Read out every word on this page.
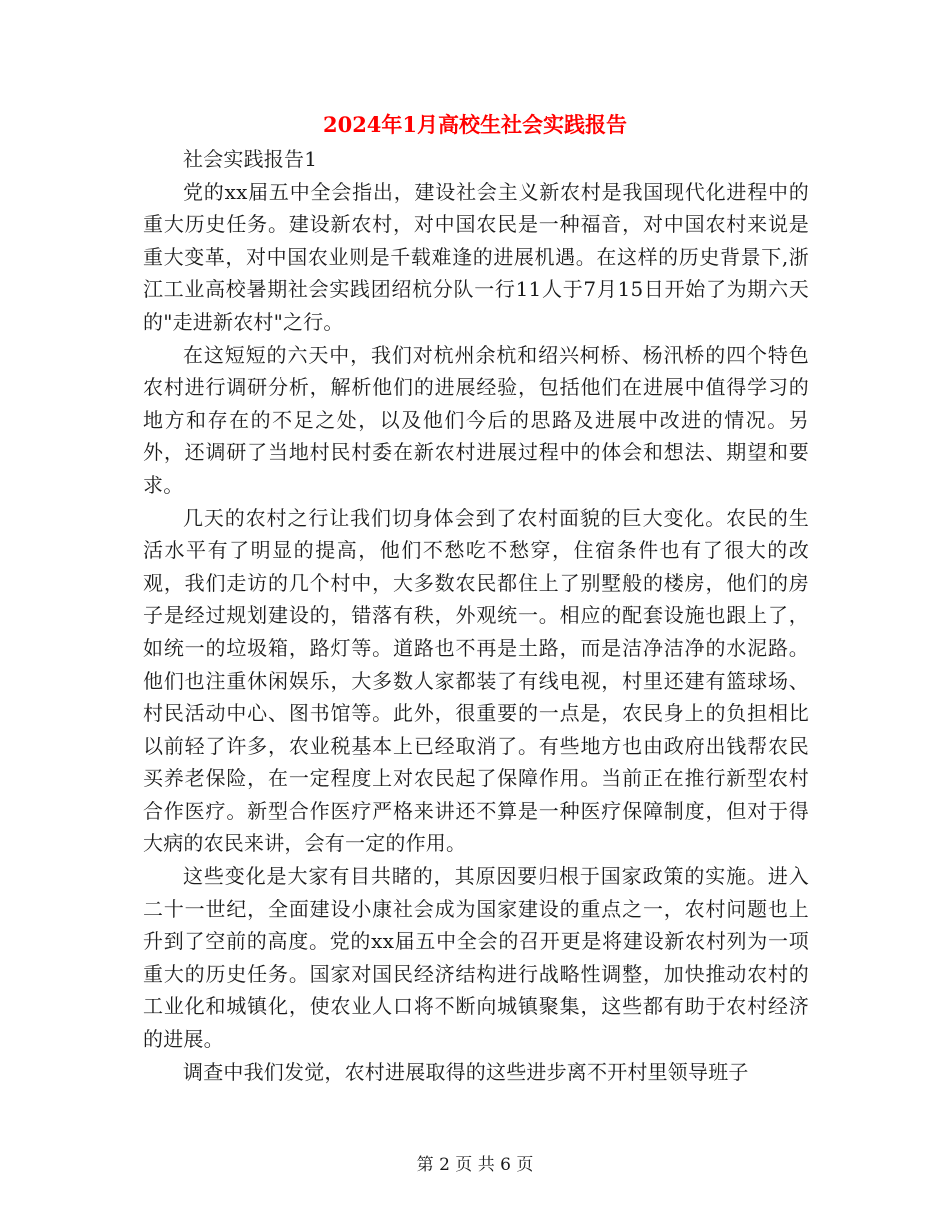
2024年1月高校生社会实践报告

社会实践报告1

党的xx届五中全会指出，建设社会主义新农村是我国现代化进程中的重大历史任务。建设新农村，对中国农民是一种福音，对中国农村来说是重大变革，对中国农业则是千载难逢的进展机遇。在这样的历史背景下,浙江工业高校暑期社会实践团绍杭分队一行11人于7月15日开始了为期六天的"走进新农村"之行。

在这短短的六天中，我们对杭州余杭和绍兴柯桥、杨汛桥的四个特色农村进行调研分析，解析他们的进展经验，包括他们在进展中值得学习的地方和存在的不足之处，以及他们今后的思路及进展中改进的情况。另外，还调研了当地村民村委在新农村进展过程中的体会和想法、期望和要求。

几天的农村之行让我们切身体会到了农村面貌的巨大变化。农民的生活水平有了明显的提高，他们不愁吃不愁穿，住宿条件也有了很大的改观，我们走访的几个村中，大多数农民都住上了别墅般的楼房，他们的房子是经过规划建设的，错落有秩，外观统一。相应的配套设施也跟上了，如统一的垃圾箱，路灯等。道路也不再是土路，而是洁净洁净的水泥路。他们也注重休闲娱乐，大多数人家都装了有线电视，村里还建有篮球场、村民活动中心、图书馆等。此外，很重要的一点是，农民身上的负担相比以前轻了许多，农业税基本上已经取消了。有些地方也由政府出钱帮农民买养老保险，在一定程度上对农民起了保障作用。当前正在推行新型农村合作医疗。新型合作医疗严格来讲还不算是一种医疗保障制度，但对于得大病的农民来讲，会有一定的作用。

这些变化是大家有目共睹的，其原因要归根于国家政策的实施。进入二十一世纪，全面建设小康社会成为国家建设的重点之一，农村问题也上升到了空前的高度。党的xx届五中全会的召开更是将建设新农村列为一项重大的历史任务。国家对国民经济结构进行战略性调整，加快推动农村的工业化和城镇化，使农业人口将不断向城镇聚集，这些都有助于农村经济的进展。

调查中我们发觉，农村进展取得的这些进步离不开村里领导班子

第 2 页 共 6 页
